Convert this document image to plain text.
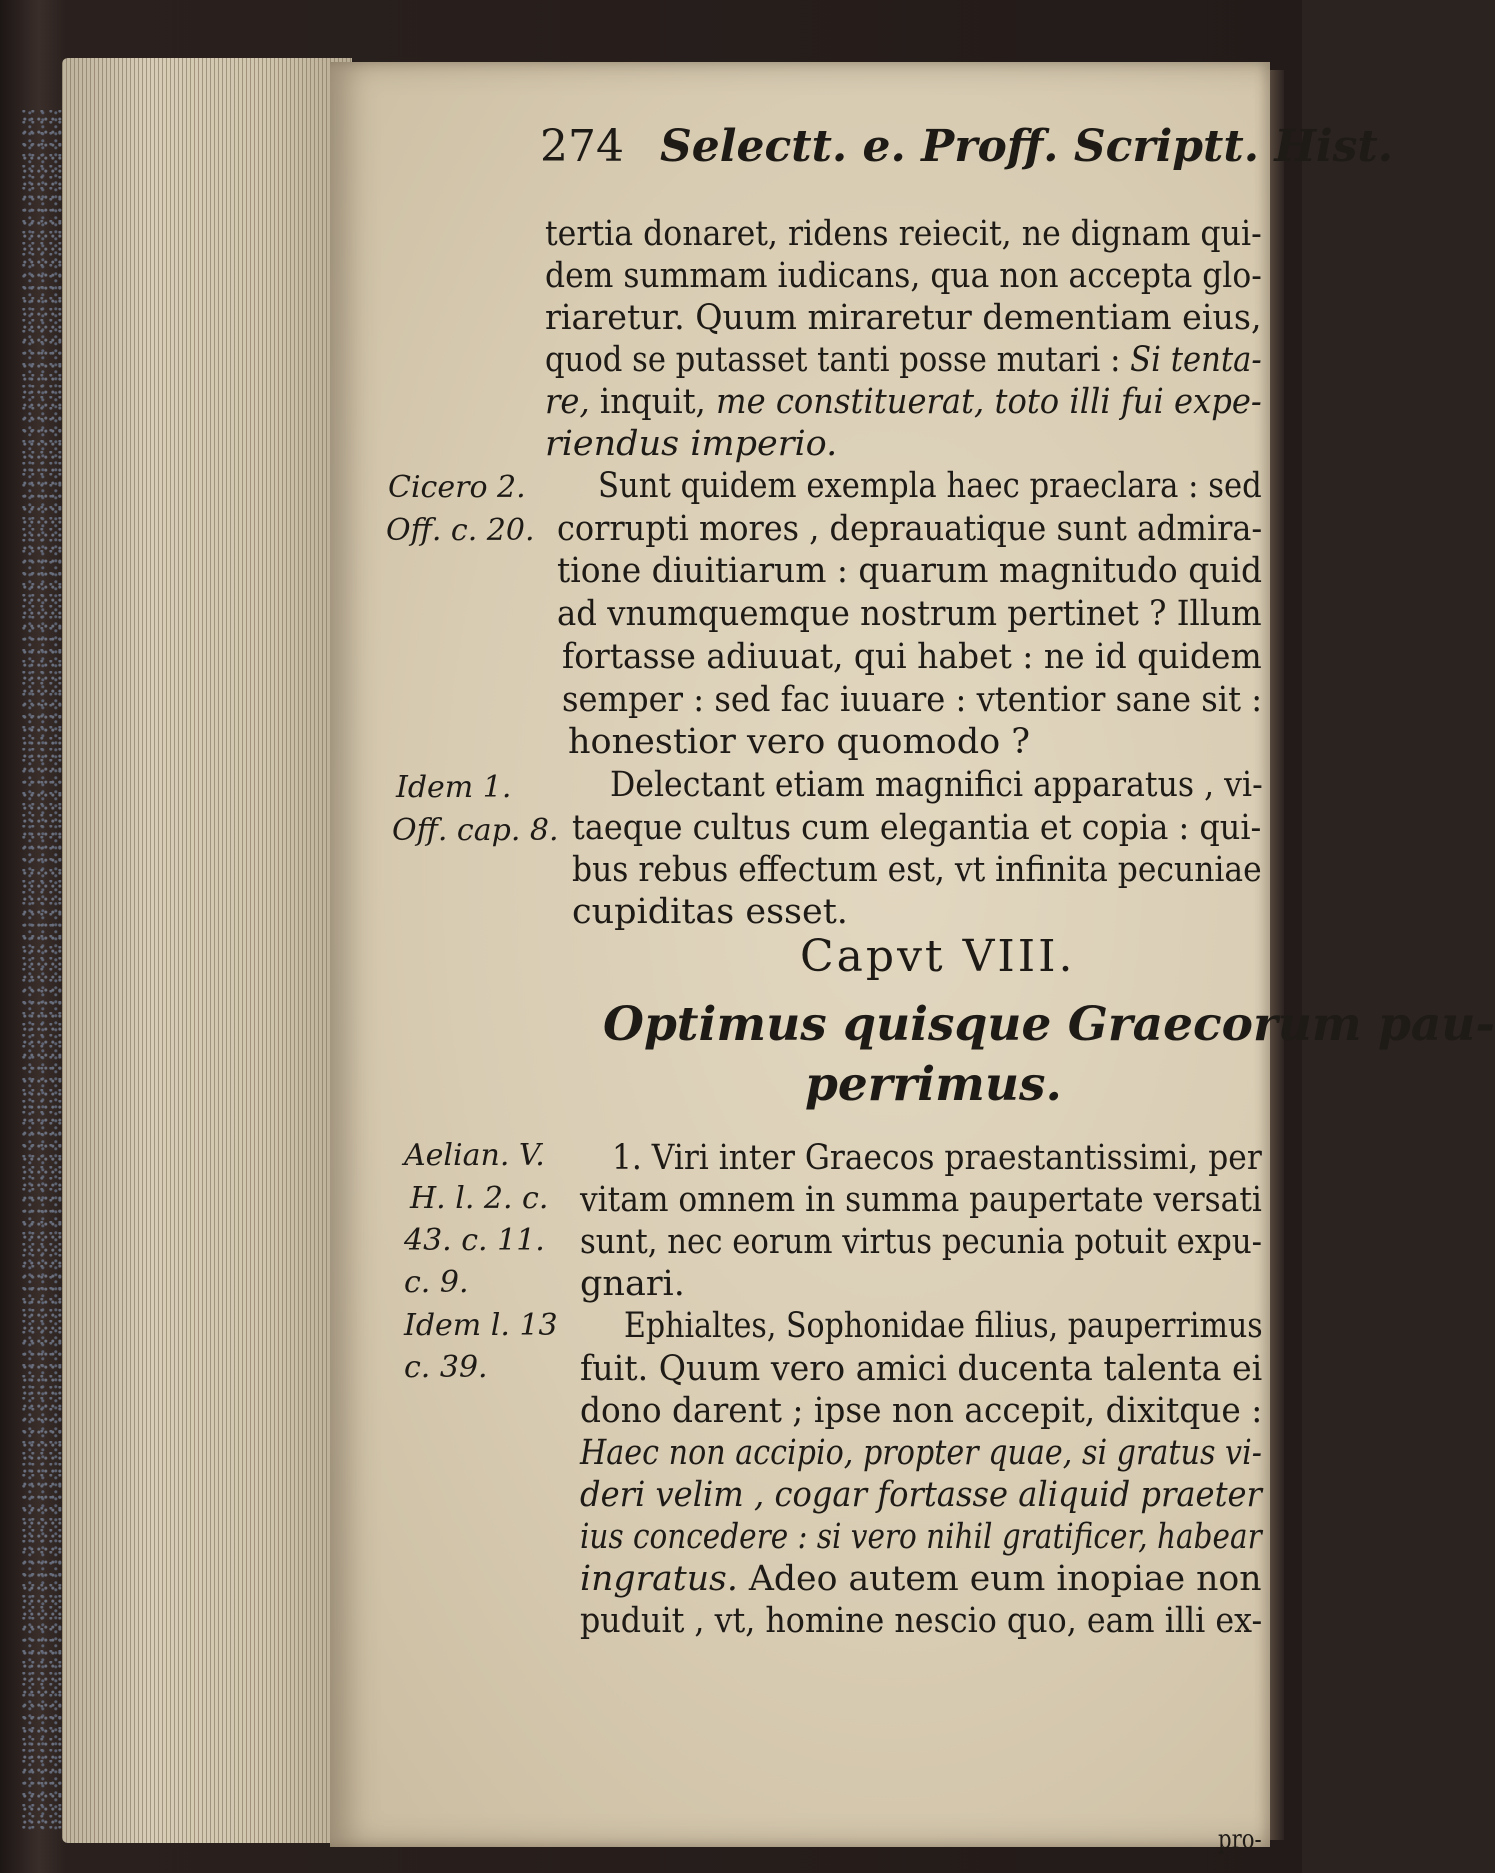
274 Selectt. e. Proff. Scriptt. Hist.
tertia donaret, ridens reiecit, ne dignam qui-
dem summam iudicans, qua non accepta glo-
riaretur. Quum miraretur dementiam eius,
quod se putasset tanti posse mutari : Si tenta-
re, inquit, me constituerat, toto illi fui expe-
riendus imperio.
Sunt quidem exempla haec praeclara : sed
corrupti mores , deprauatique sunt admira-
tione diuitiarum : quarum magnitudo quid
ad vnumquemque nostrum pertinet ? Illum
fortasse adiuuat, qui habet : ne id quidem
semper : sed fac iuuare : vtentior sane sit :
honestior vero quomodo ?
Delectant etiam magnifici apparatus , vi-
taeque cultus cum elegantia et copia : qui-
bus rebus effectum est, vt infinita pecuniae
cupiditas esset.
Capvt VIII.
Optimus quisque Graecorum pau-
perrimus.
1. Viri inter Graecos praestantissimi, per
vitam omnem in summa paupertate versati
sunt, nec eorum virtus pecunia potuit expu-
gnari.
Ephialtes, Sophonidae filius, pauperrimus
fuit. Quum vero amici ducenta talenta ei
dono darent ; ipse non accepit, dixitque :
Haec non accipio, propter quae, si gratus vi-
deri velim , cogar fortasse aliquid praeter
ius concedere : si vero nihil gratificer, habear
ingratus. Adeo autem eum inopiae non
puduit , vt, homine nescio quo, eam illi ex-
pro-
Cicero 2.
Off. c. 20.
Idem 1.
Off. cap. 8.
Aelian. V.
H. l. 2. c.
43. c. 11.
c. 9.
Idem l. 13
c. 39.
